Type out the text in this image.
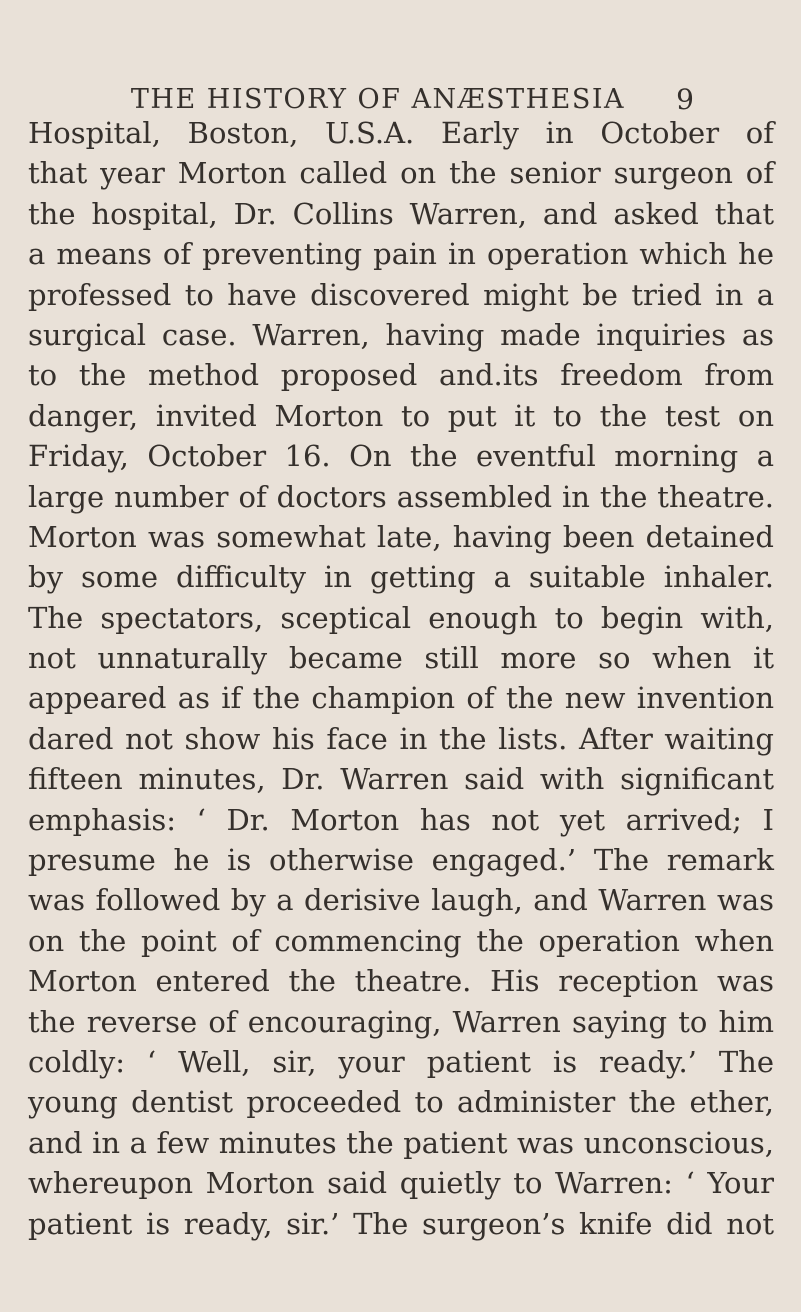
THE HISTORY OF ANÆSTHESIA	9
Hospital, Boston, U.S.A. Early in October of
that year Morton called on the senior surgeon of
the hospital, Dr. Collins Warren, and asked that
a means of preventing pain in operation which he
professed to have discovered might be tried in a
surgical case. Warren, having made inquiries as
to the method proposed and.its freedom from
danger, invited Morton to put it to the test on
Friday, October 16. On the eventful morning a
large number of doctors assembled in the theatre.
Morton was somewhat late, having been detained
by some difficulty in getting a suitable inhaler.
The spectators, sceptical enough to begin with,
not unnaturally became still more so when it
appeared as if the champion of the new invention
dared not show his face in the lists. After waiting
fifteen minutes, Dr. Warren said with significant
emphasis: ‘ Dr. Morton has not yet arrived; I
presume he is otherwise engaged.’ The remark
was followed by a derisive laugh, and Warren was
on the point of commencing the operation when
Morton entered the theatre. His reception was
the reverse of encouraging, Warren saying to him
coldly: ‘ Well, sir, your patient is ready.’ The
young dentist proceeded to administer the ether,
and in a few minutes the patient was unconscious,
whereupon Morton said quietly to Warren: ‘ Your
patient is ready, sir.’ The surgeon’s knife did not
